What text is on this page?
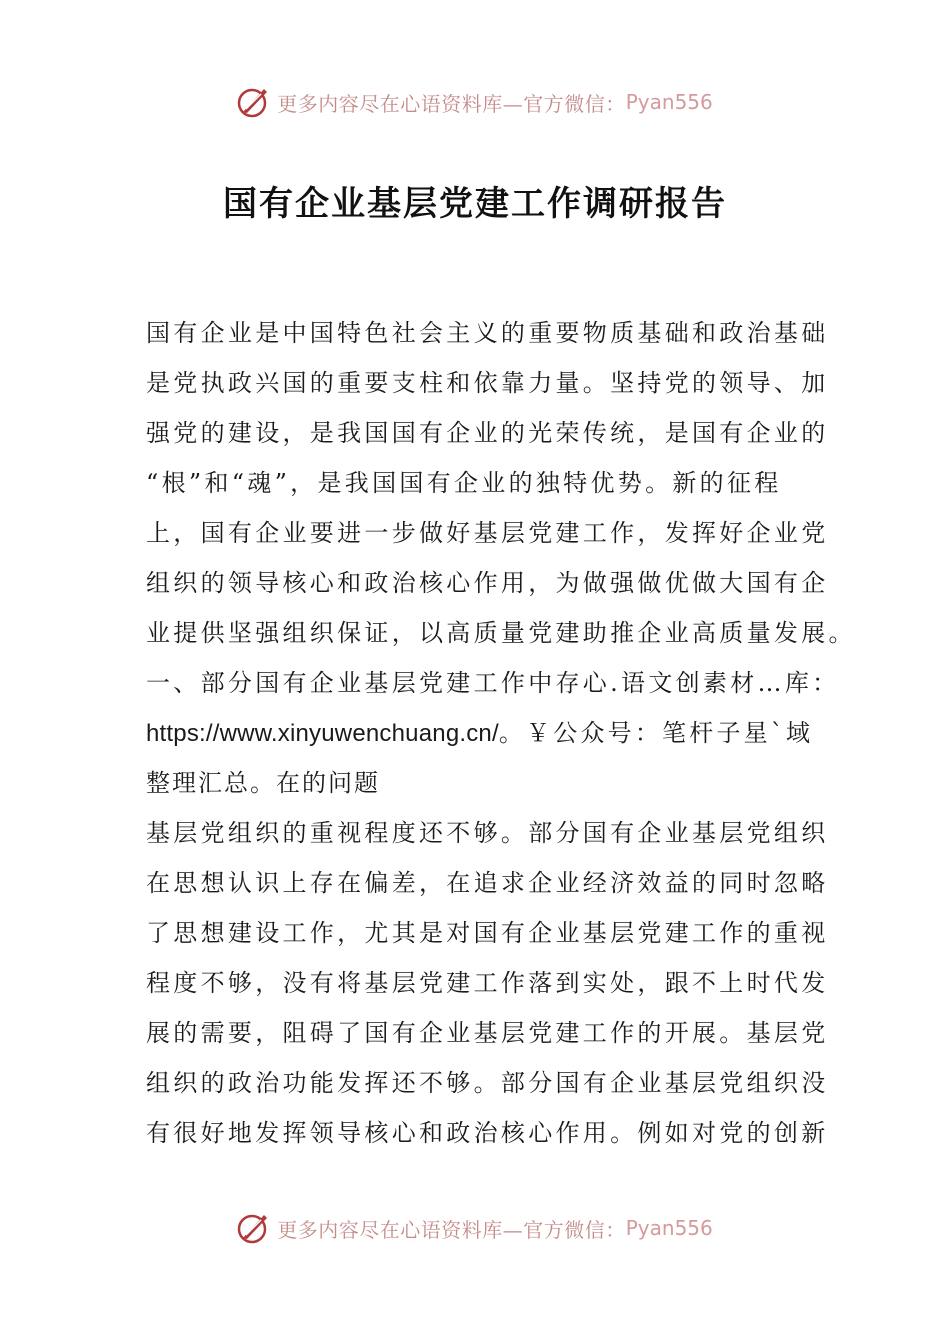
更多内容尽在心语资料库—官方微信： Pyan556
国有企业基层党建工作调研报告
国有企业是中国特色社会主义的重要物质基础和政治基础
是党执政兴国的重要支柱和依靠力量。坚持党的领导、加
强党的建设，是我国国有企业的光荣传统，是国有企业的
“根”和“魂”，是我国国有企业的独特优势。新的征程
上，国有企业要进一步做好基层党建工作，发挥好企业党
组织的领导核心和政治核心作用，为做强做优做大国有企
业提供坚强组织保证，以高质量党建助推企业高质量发展。
一、部分国有企业基层党建工作中存心.语文创素材…库：
https://www.xinyuwenchuang.cn/。￥公众号：笔杆子星`域
整理汇总。在的问题
基层党组织的重视程度还不够。部分国有企业基层党组织
在思想认识上存在偏差，在追求企业经济效益的同时忽略
了思想建设工作，尤其是对国有企业基层党建工作的重视
程度不够，没有将基层党建工作落到实处，跟不上时代发
展的需要，阻碍了国有企业基层党建工作的开展。基层党
组织的政治功能发挥还不够。部分国有企业基层党组织没
有很好地发挥领导核心和政治核心作用。例如对党的创新
更多内容尽在心语资料库—官方微信： Pyan556
